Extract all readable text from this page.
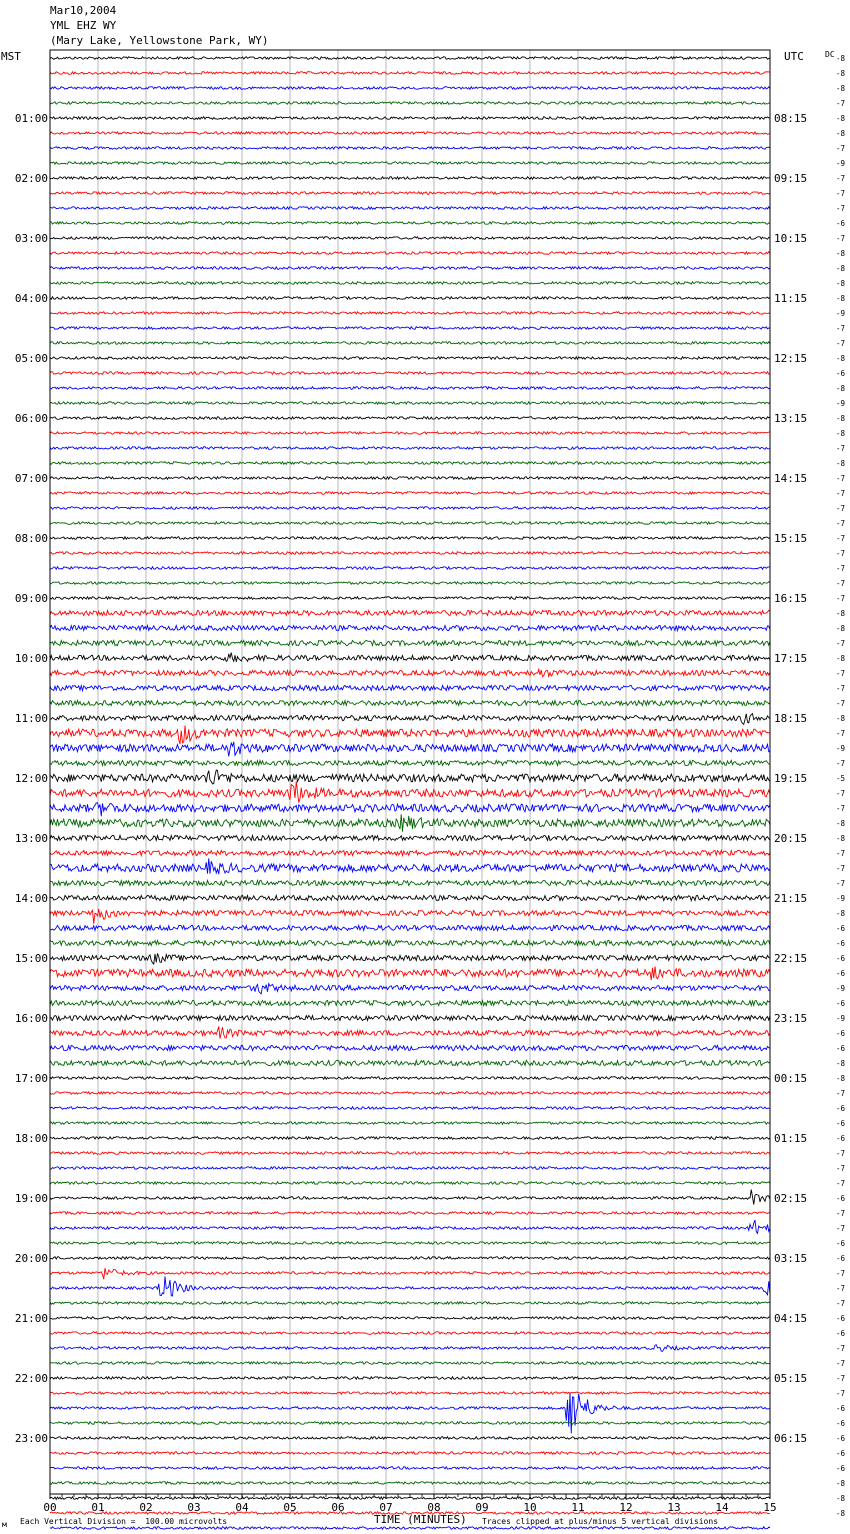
Mar10,2004
YML EHZ WY
(Mary Lake, Yellowstone Park, WY)
MST	UTC	DC
00	01	02	03	04	05	06	07	08	09	10	11	12	13	14	15
01:00
02:00
03:00
04:00
05:00
06:00
07:00
08:00
09:00
10:00
11:00
12:00
13:00
14:00
15:00
16:00
17:00
18:00
19:00
20:00
21:00
22:00
23:00
08:15
09:15
10:15
11:15
12:15
13:15
14:15
15:15
16:15
17:15
18:15
19:15
20:15
21:15
22:15
23:15
00:15
01:15
02:15
03:15
04:15
05:15
06:15
-8
-8
-8
-7
-8
-8
-7
-9
-7
-7
-7
-6
-7
-8
-8
-8
-8
-9
-7
-7
-8
-6
-8
-9
-8
-8
-7
-8
-7
-7
-7
-7
-7
-7
-7
-7
-7
-8
-8
-7
-8
-7
-7
-7
-8
-7
-9
-7
-5
-7
-7
-8
-8
-7
-7
-7
-9
-8
-6
-6
-6
-6
-9
-6
-9
-6
-6
-8
-8
-7
-6
-6
-6
-7
-7
-7
-6
-7
-7
-6
-6
-7
-7
-7
-6
-6
-7
-7
-7
-7
-6
-6
-6
-6
-6
-8
-8
-8
м Each Vertical Division =  100.00 microvolts	TIME (MINUTES) Traces clipped at plus/minus 5 vertical divisions
